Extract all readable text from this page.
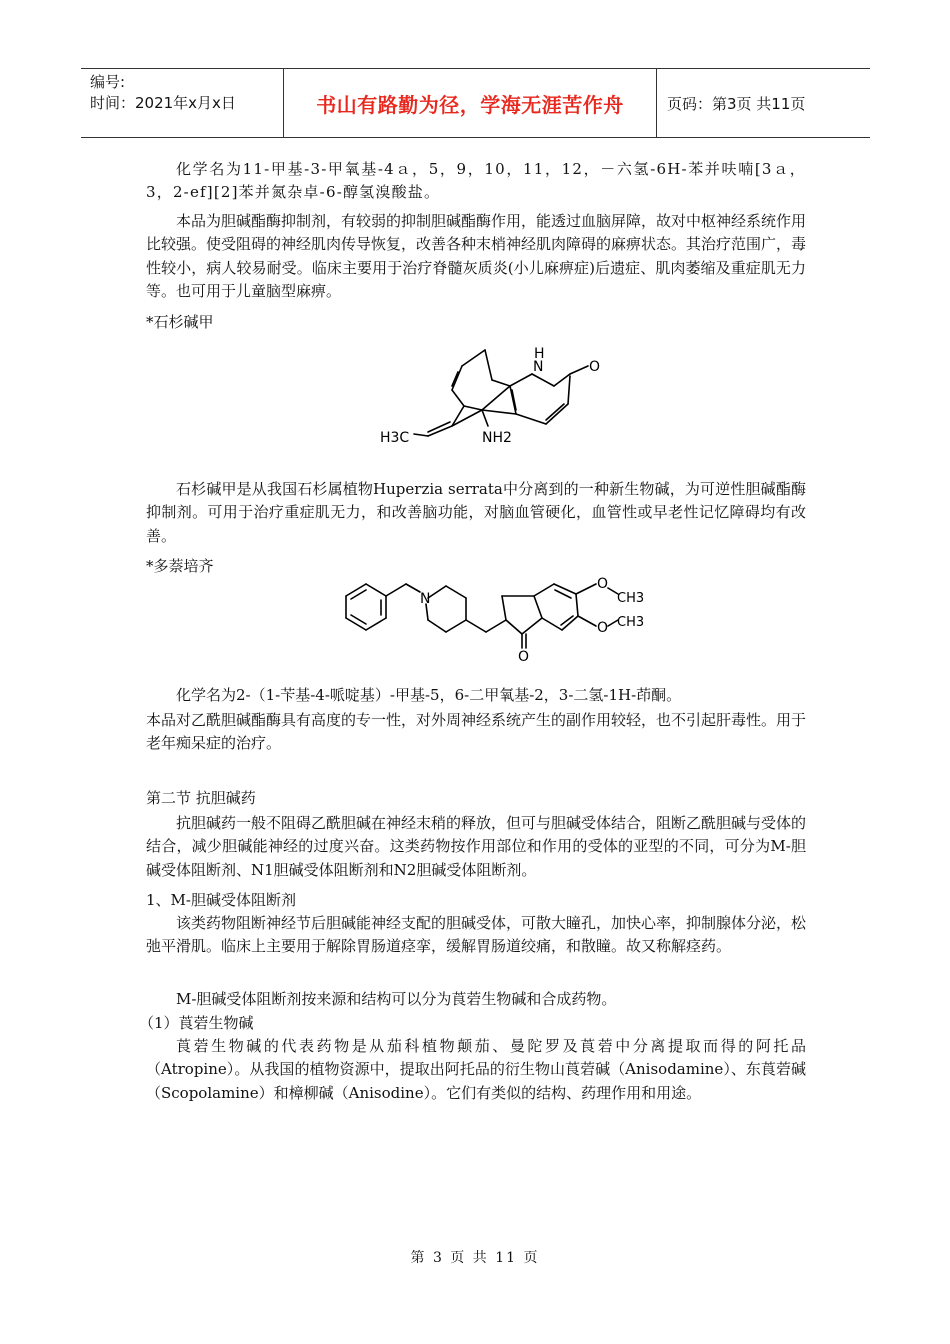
编号:
时间：2021年x月x日	书山有路勤为径，学海无涯苦作舟	页码：第3页 共11页
化学名为11-甲基-3-甲氧基-4ａ，5，9，10，11，12，－六氢-6H-苯并呋喃[3ａ，3，2-ef][2]苯并氮杂卓-6-醇氢溴酸盐。
本品为胆碱酯酶抑制剂，有较弱的抑制胆碱酯酶作用，能透过血脑屏障，故对中枢神经系统作用比较强。使受阻碍的神经肌肉传导恢复，改善各种末梢神经肌肉障碍的麻痹状态。其治疗范围广，毒性较小，病人较易耐受。临床主要用于治疗脊髓灰质炎(小儿麻痹症)后遗症、肌肉萎缩及重症肌无力等。也可用于儿童脑型麻痹。
*石杉碱甲
H
N	O
H3C	NH2
石杉碱甲是从我国石杉属植物Huperzia serrata中分离到的一种新生物碱，为可逆性胆碱酯酶抑制剂。可用于治疗重症肌无力，和改善脑功能，对脑血管硬化，血管性或早老性记忆障碍均有改善。
*多萘培齐
N
O
O
CH3
O CH3
化学名为2-（1-苄基-4-哌啶基）-甲基-5，6-二甲氧基-2，3-二氢-1H-茚酮。
本品对乙酰胆碱酯酶具有高度的专一性，对外周神经系统产生的副作用较轻，也不引起肝毒性。用于老年痴呆症的治疗。
第二节 抗胆碱药
抗胆碱药一般不阻碍乙酰胆碱在神经末稍的释放，但可与胆碱受体结合，阻断乙酰胆碱与受体的结合，减少胆碱能神经的过度兴奋。这类药物按作用部位和作用的受体的亚型的不同，可分为M-胆碱受体阻断剂、N1胆碱受体阻断剂和N2胆碱受体阻断剂。
1、M-胆碱受体阻断剂
该类药物阻断神经节后胆碱能神经支配的胆碱受体，可散大瞳孔，加快心率，抑制腺体分泌，松弛平滑肌。临床上主要用于解除胃肠道痉挛，缓解胃肠道绞痛，和散瞳。故又称解痉药。
M-胆碱受体阻断剂按来源和结构可以分为莨菪生物碱和合成药物。
（1）莨菪生物碱
莨菪生物碱的代表药物是从茄科植物颠茄、曼陀罗及莨菪中分离提取而得的阿托品（Atropine）。从我国的植物资源中，提取出阿托品的衍生物山莨菪碱（Anisodamine）、东莨菪碱（Scopolamine）和樟柳碱（Anisodine）。它们有类似的结构、药理作用和用途。
第 3 页 共 11 页
